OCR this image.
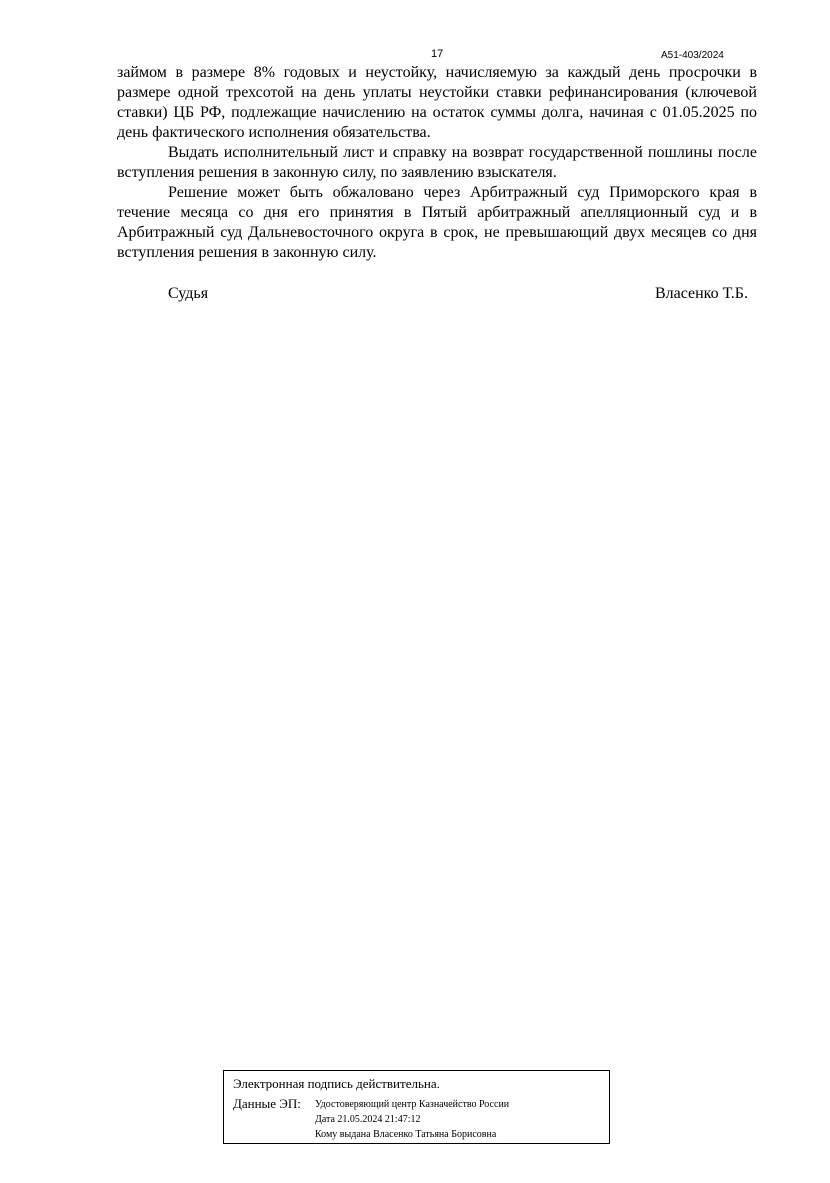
17	А51-403/2024

займом в размере 8% годовых и неустойку, начисляемую за каждый день просрочки в размере одной трехсотой на день уплаты неустойки ставки рефинансирования (ключевой ставки) ЦБ РФ, подлежащие начислению на остаток суммы долга, начиная с 01.05.2025 по день фактического исполнения обязательства.

Выдать исполнительный лист и справку на возврат государственной пошлины после вступления решения в законную силу, по заявлению взыскателя.

Решение может быть обжаловано через Арбитражный суд Приморского края в течение месяца со дня его принятия в Пятый арбитражный апелляционный суд и в Арбитражный суд Дальневосточного округа в срок, не превышающий двух месяцев со дня вступления решения в законную силу.

Судья	Власенко Т.Б.
Электронная подпись действительна.
Данные ЭП: Удостоверяющий центр Казначейство России
Дата 21.05.2024 21:47:12
Кому выдана Власенко Татьяна Борисовна
